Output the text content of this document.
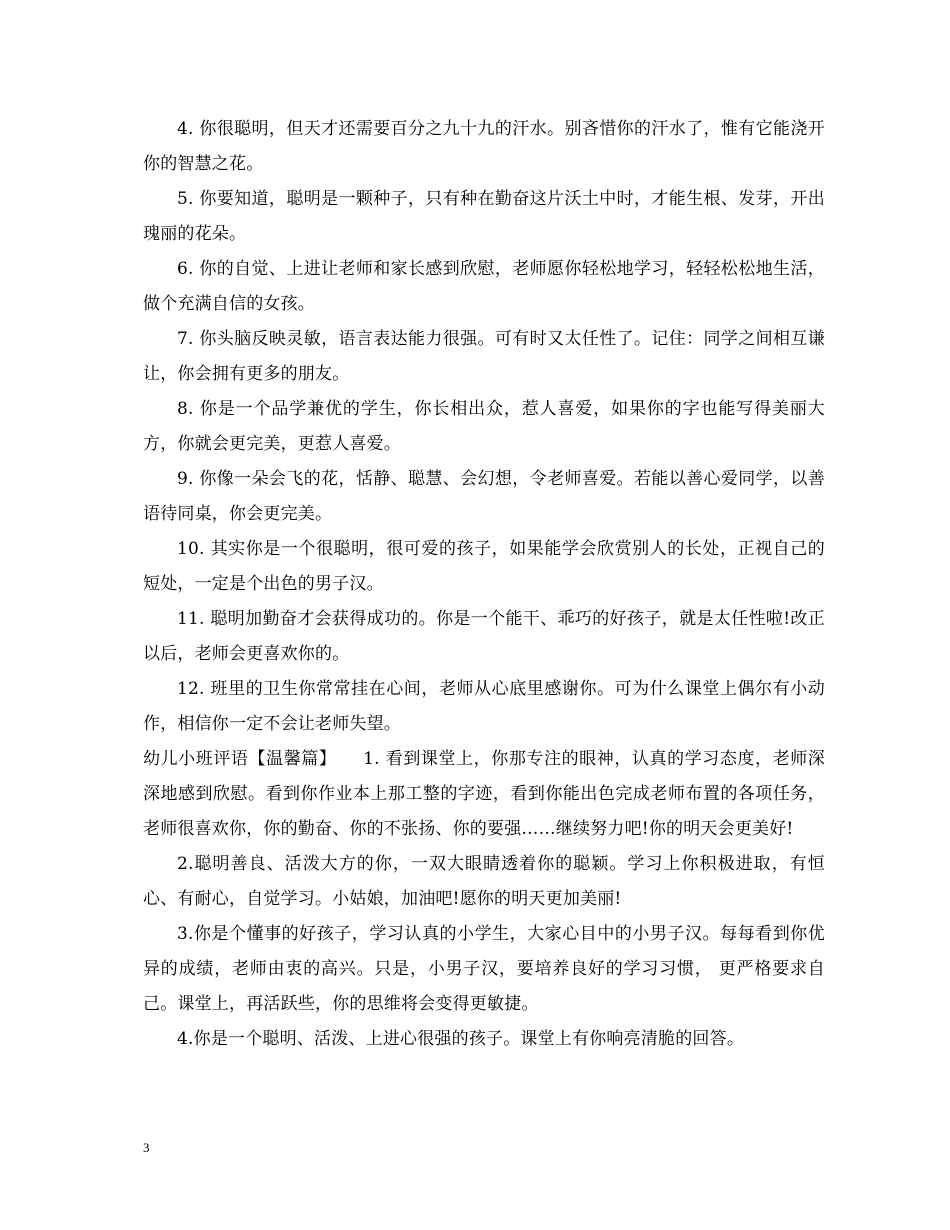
4. 你很聪明，但天才还需要百分之九十九的汗水。别吝惜你的汗水了，惟有它能浇开你的智慧之花。

5. 你要知道，聪明是一颗种子，只有种在勤奋这片沃土中时，才能生根、发芽，开出瑰丽的花朵。

6. 你的自觉、上进让老师和家长感到欣慰，老师愿你轻松地学习，轻轻松松地生活，做个充满自信的女孩。

7. 你头脑反映灵敏，语言表达能力很强。可有时又太任性了。记住：同学之间相互谦让，你会拥有更多的朋友。

8. 你是一个品学兼优的学生，你长相出众，惹人喜爱，如果你的字也能写得美丽大方，你就会更完美，更惹人喜爱。

9. 你像一朵会飞的花，恬静、聪慧、会幻想，令老师喜爱。若能以善心爱同学，以善语待同桌，你会更完美。

10. 其实你是一个很聪明，很可爱的孩子，如果能学会欣赏别人的长处，正视自己的短处，一定是个出色的男子汉。

11. 聪明加勤奋才会获得成功的。你是一个能干、乖巧的好孩子，就是太任性啦!改正以后，老师会更喜欢你的。

12. 班里的卫生你常常挂在心间，老师从心底里感谢你。可为什么课堂上偶尔有小动作，相信你一定不会让老师失望。

幼儿小班评语【温馨篇】　　1. 看到课堂上，你那专注的眼神，认真的学习态度，老师深深地感到欣慰。看到你作业本上那工整的字迹，看到你能出色完成老师布置的各项任务，老师很喜欢你，你的勤奋、你的不张扬、你的要强……继续努力吧!你的明天会更美好!

2.聪明善良、活泼大方的你，一双大眼睛透着你的聪颖。学习上你积极进取，有恒心、有耐心，自觉学习。小姑娘，加油吧!愿你的明天更加美丽!

3.你是个懂事的好孩子，学习认真的小学生，大家心目中的小男子汉。每每看到你优异的成绩，老师由衷的高兴。只是，小男子汉，要培养良好的学习习惯， 更严格要求自己。课堂上，再活跃些，你的思维将会变得更敏捷。

4.你是一个聪明、活泼、上进心很强的孩子。课堂上有你响亮清脆的回答。

3
